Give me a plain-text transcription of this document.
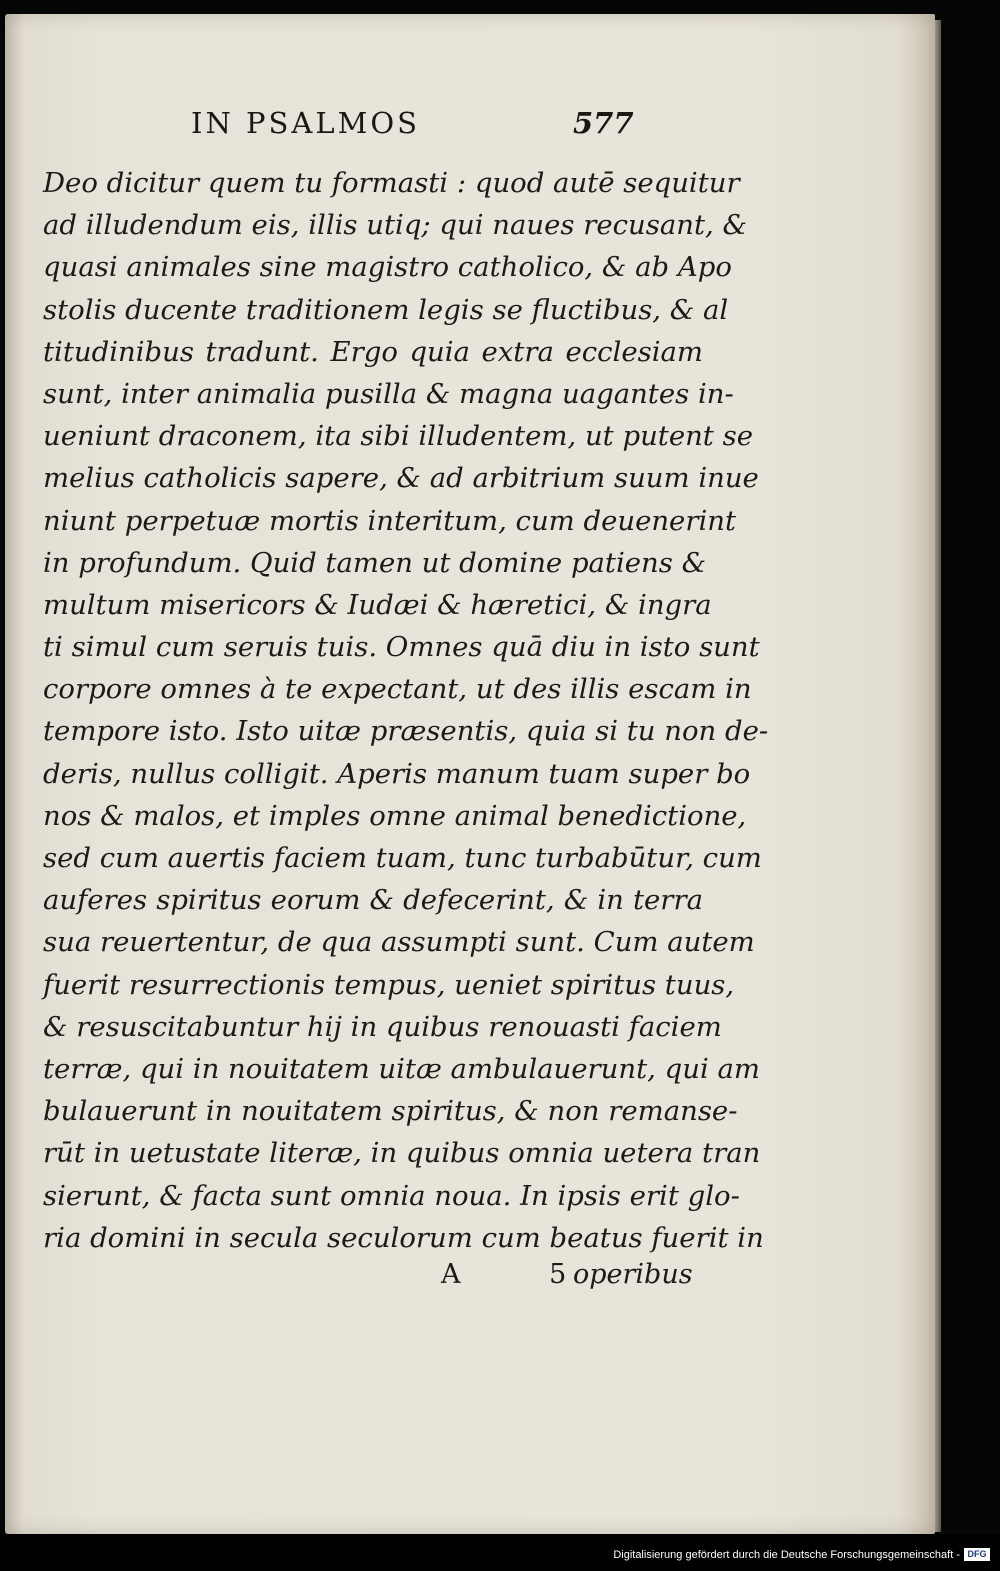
IN PSALMOS	577
Deo dicitur quem tu formasti : quod autē sequitur
ad illudendum eis, illis utiq; qui naues recusant, &
quasi animales sine magistro catholico, & ab Apo
stolis ducente traditionem legis se fluctibus, & al
titudinibus tradunt. Ergo quia extra ecclesiam
sunt, inter animalia pusilla & magna uagantes in-
ueniunt draconem, ita sibi illudentem, ut putent se
melius catholicis sapere, & ad arbitrium suum inue
niunt perpetuæ mortis interitum, cum deuenerint
in profundum. Quid tamen ut domine patiens &
multum misericors & Iudæi & hæretici, & ingra
ti simul cum seruis tuis. Omnes quā diu in isto sunt
corpore omnes à te expectant, ut des illis escam in
tempore isto. Isto uitæ præsentis, quia si tu non de-
deris, nullus colligit. Aperis manum tuam super bo
nos & malos, et imples omne animal benedictione,
sed cum auertis faciem tuam, tunc turbabūtur, cum
auferes spiritus eorum & defecerint, & in terra
sua reuertentur, de qua assumpti sunt. Cum autem
fuerit resurrectionis tempus, ueniet spiritus tuus,
& resuscitabuntur hij in quibus renouasti faciem
terræ, qui in nouitatem uitæ ambulauerunt, qui am
bulauerunt in nouitatem spiritus, & non remanse-
rūt in uetustate literæ, in quibus omnia uetera tran
sierunt, & facta sunt omnia noua. In ipsis erit glo-
ria domini in secula seculorum cum beatus fuerit in
A 5
operibus
Digitalisierung gefördert durch die Deutsche Forschungsgemeinschaft - DFG
